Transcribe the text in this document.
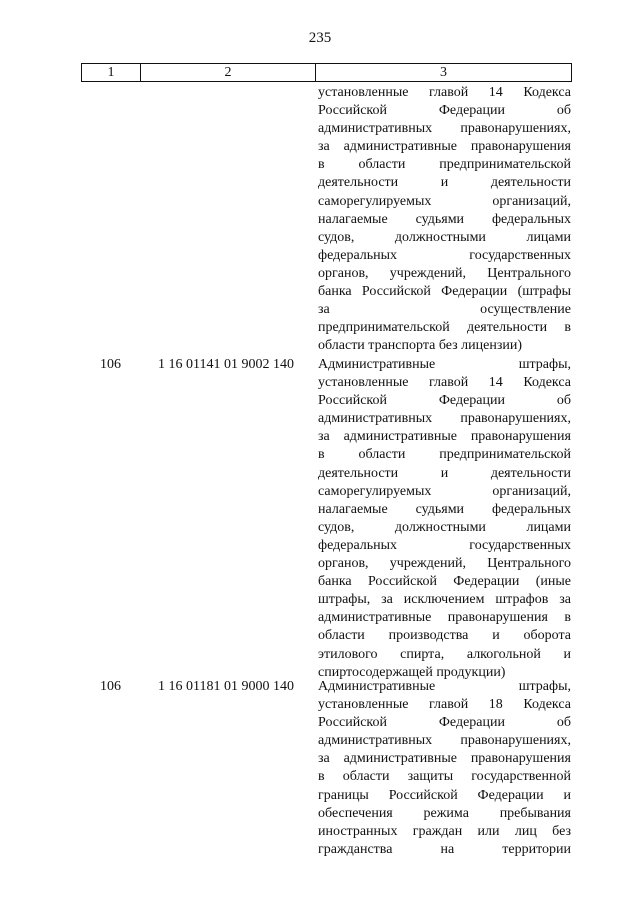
235
1	2	3
установленные главой 14 Кодекса
Российской	Федерации	об
административных правонарушениях,
за административные правонарушения
в области предпринимательской
деятельности	и	деятельности
саморегулируемых	организаций,
налагаемые судьями федеральных
судов,	должностными	лицами
федеральных	государственных
органов, учреждений, Центрального
банка Российской Федерации (штрафы
за	осуществление
предпринимательской деятельности в
области транспорта без лицензии)
106	1 16 01141 01 9002 140 Административные	штрафы,
установленные главой 14 Кодекса
Российской	Федерации	об
административных правонарушениях,
за административные правонарушения
в области предпринимательской
деятельности	и	деятельности
саморегулируемых	организаций,
налагаемые судьями федеральных
судов,	должностными	лицами
федеральных	государственных
органов, учреждений, Центрального
банка Российской Федерации (иные
штрафы, за исключением штрафов за
административные правонарушения в
области производства и оборота
этилового спирта, алкогольной и
спиртосодержащей продукции)
106	1 16 01181 01 9000 140 Административные	штрафы,
установленные главой 18 Кодекса
Российской	Федерации	об
административных правонарушениях,
за административные правонарушения
в области защиты государственной
границы Российской Федерации и
обеспечения режима пребывания
иностранных граждан или лиц без
гражданства	на	территории
